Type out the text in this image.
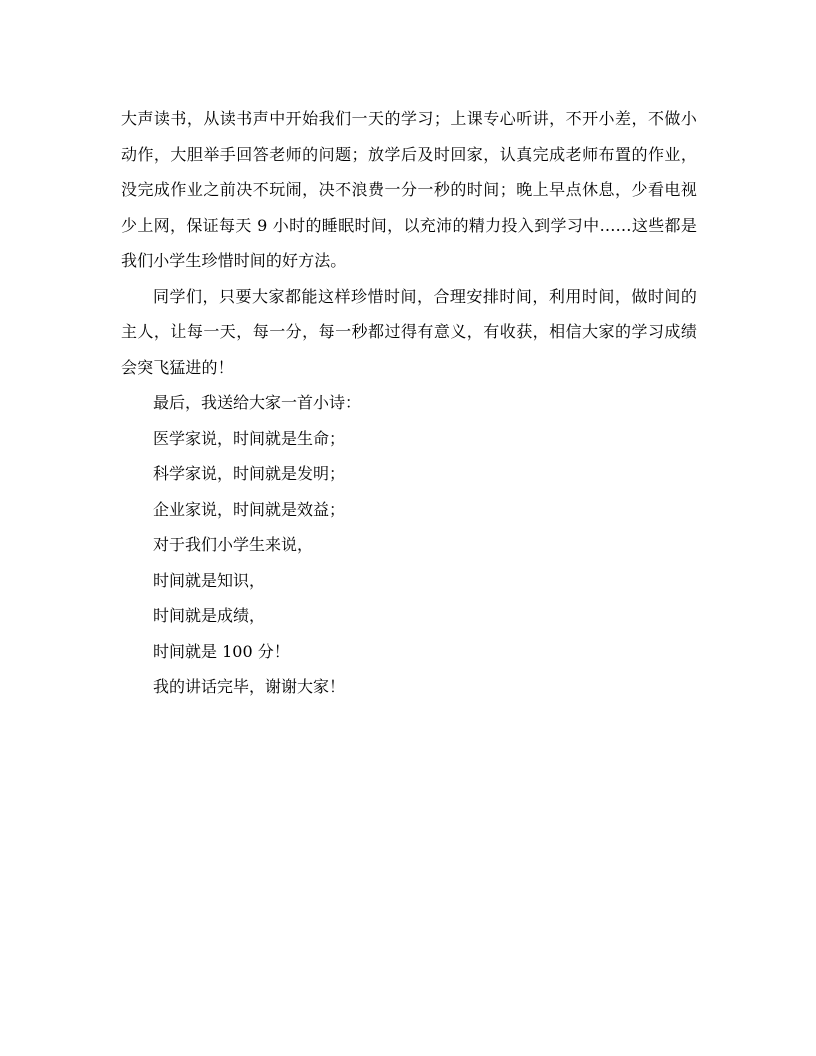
大声读书，从读书声中开始我们一天的学习；上课专心听讲，不开小差，不做小动作，大胆举手回答老师的问题；放学后及时回家，认真完成老师布置的作业，没完成作业之前决不玩闹，决不浪费一分一秒的时间；晚上早点休息，少看电视少上网，保证每天 9 小时的睡眠时间，以充沛的精力投入到学习中……这些都是我们小学生珍惜时间的好方法。

同学们，只要大家都能这样珍惜时间，合理安排时间，利用时间，做时间的主人，让每一天，每一分，每一秒都过得有意义，有收获，相信大家的学习成绩会突飞猛进的！

最后，我送给大家一首小诗：

医学家说，时间就是生命；

科学家说，时间就是发明；

企业家说，时间就是效益；

对于我们小学生来说，

时间就是知识，

时间就是成绩，

时间就是 100 分！

我的讲话完毕，谢谢大家！
